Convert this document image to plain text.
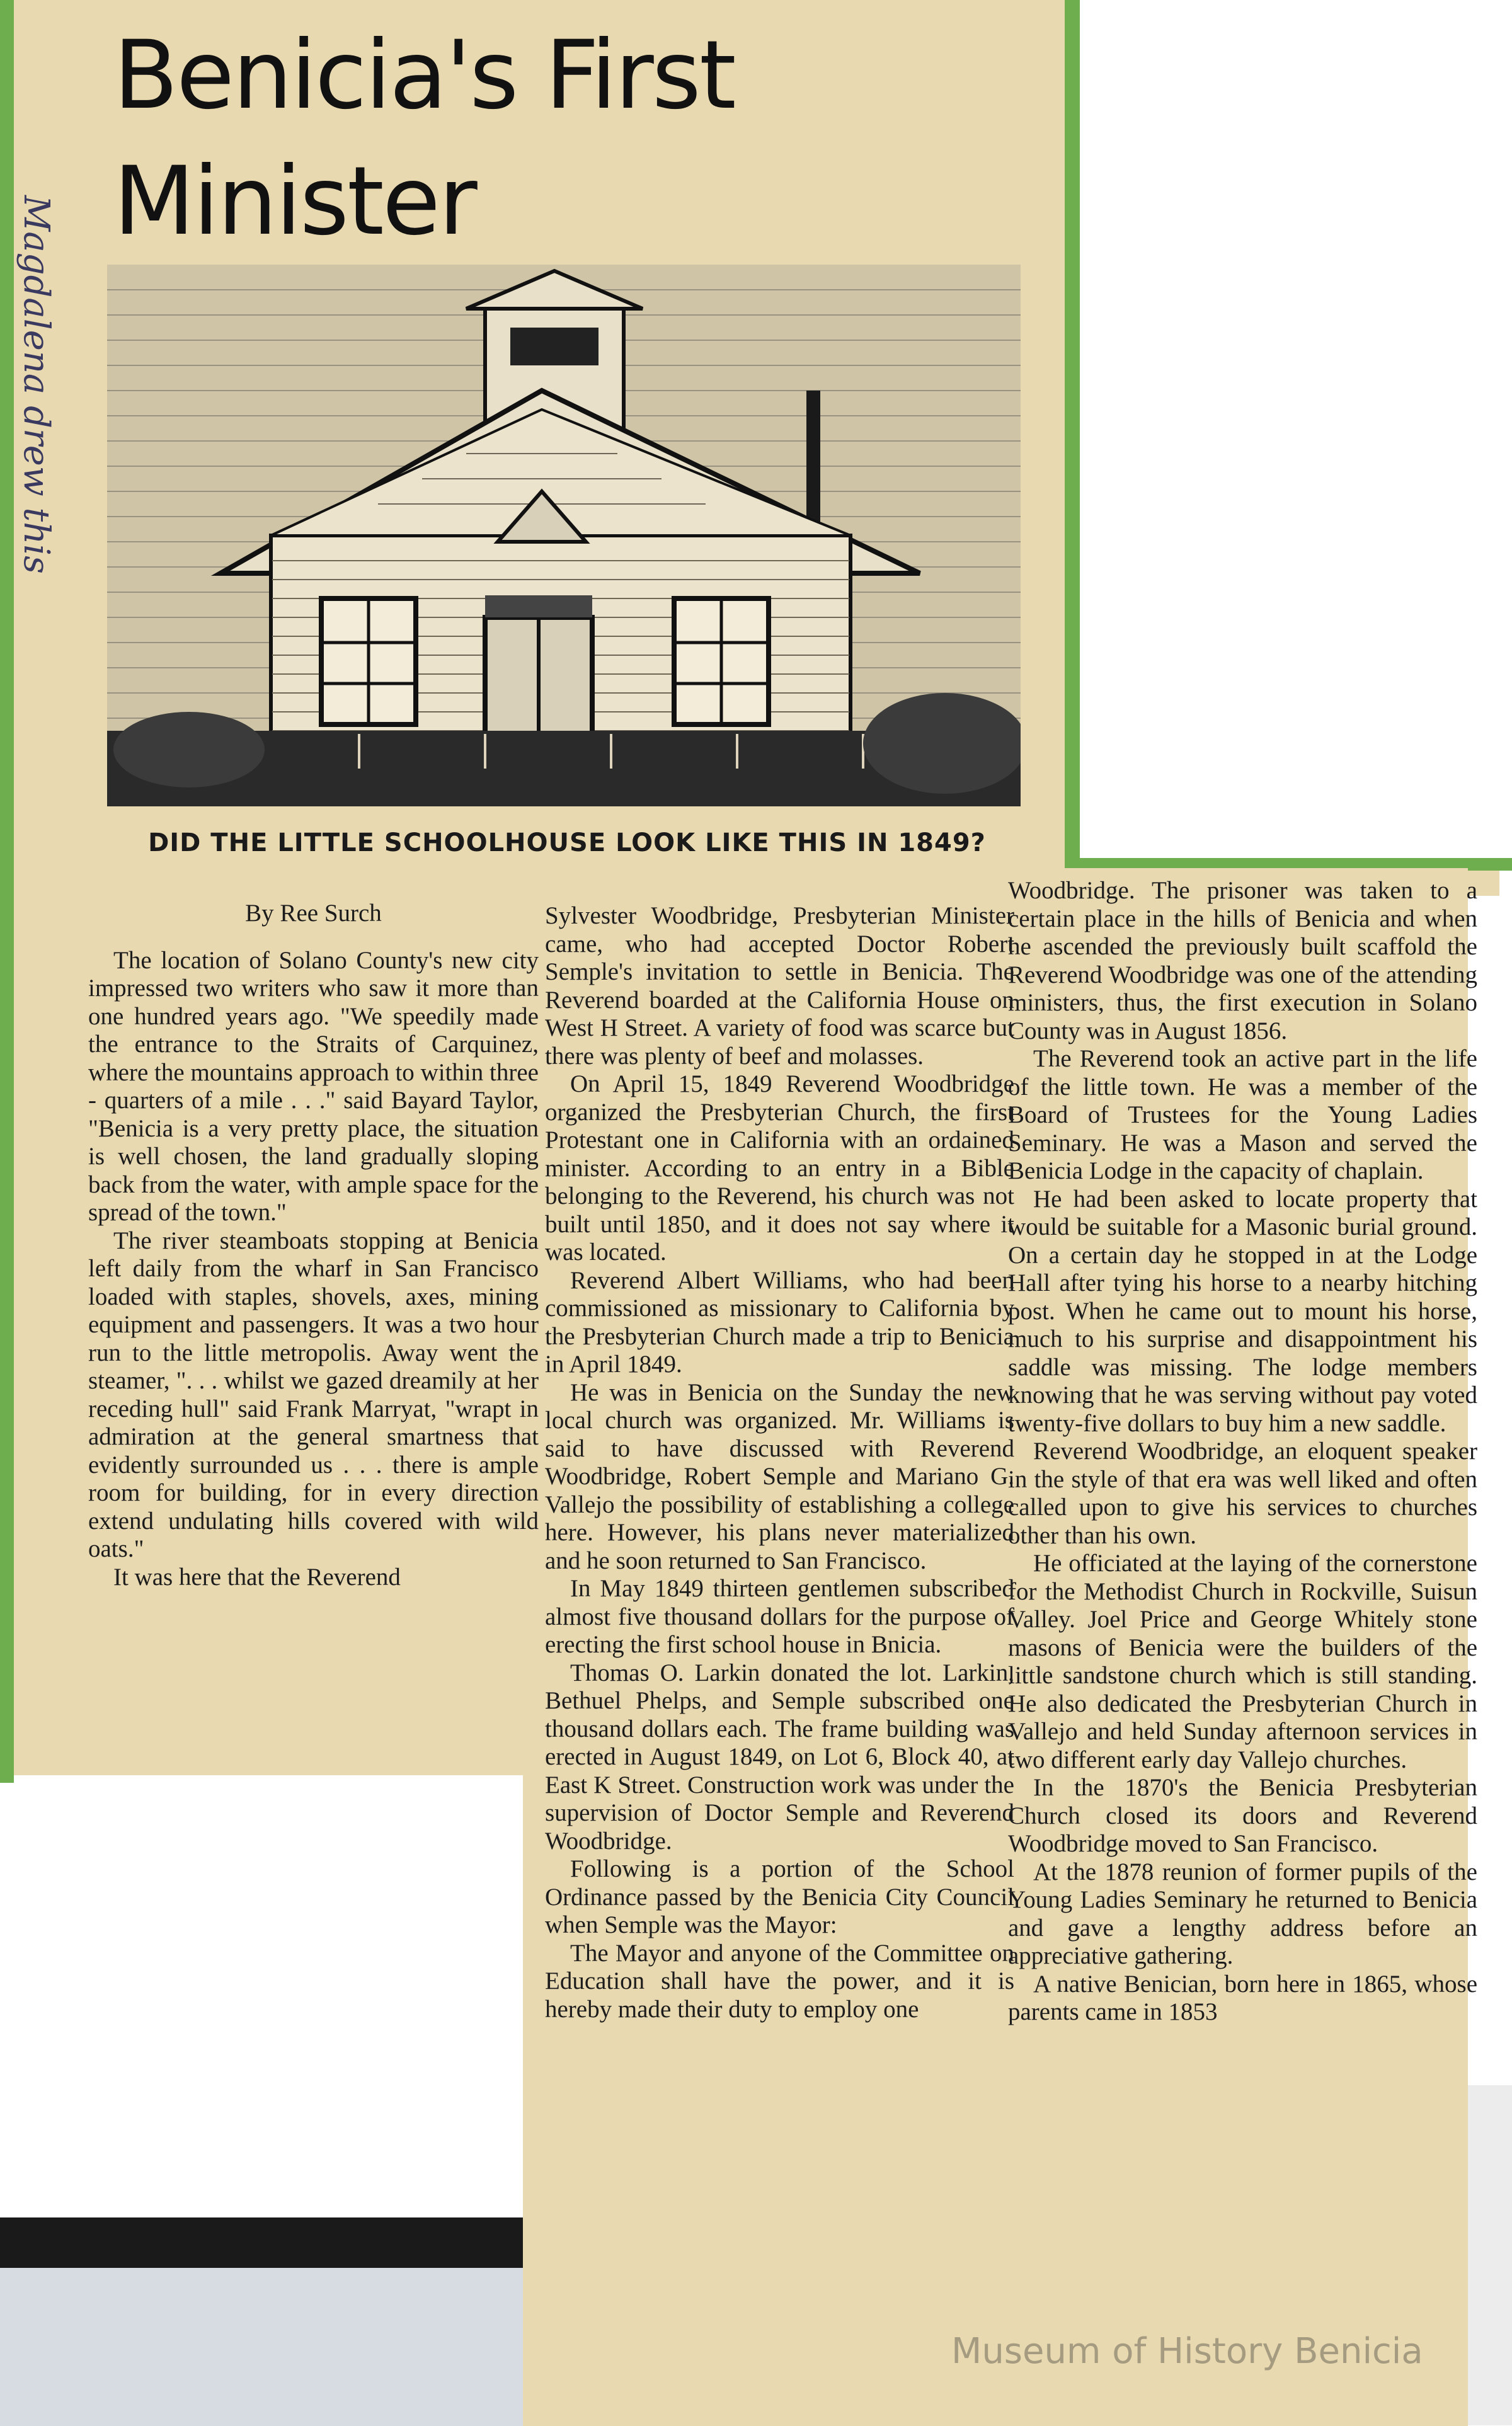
Benicia's First Minister
Magdalena drew this
DID THE LITTLE SCHOOLHOUSE LOOK LIKE THIS IN 1849?

By Ree Surch

The location of Solano County's new city impressed two writers who saw it more than one hundred years ago. "We speedily made the entrance to the Straits of Carquinez, where the mountains approach to within three - quarters of a mile . . ." said Bayard Taylor, "Benicia is a very pretty place, the situation is well chosen, the land gradually sloping back from the water, with ample space for the spread of the town."

The river steamboats stopping at Benicia left daily from the wharf in San Francisco loaded with staples, shovels, axes, mining equipment and passengers. It was a two hour run to the little metropolis. Away went the steamer, ". . . whilst we gazed dreamily at her receding hull" said Frank Marryat, "wrapt in admiration at the general smartness that evidently surrounded us . . . there is ample room for building, for in every direction extend undulating hills covered with wild oats."

It was here that the Reverend

Sylvester Woodbridge, Presbyterian Minister came, who had accepted Doctor Robert Semple's invitation to settle in Benicia. The Reverend boarded at the California House on West H Street. A variety of food was scarce but there was plenty of beef and molasses.

On April 15, 1849 Reverend Woodbridge organized the Presbyterian Church, the first Protestant one in California with an ordained minister. According to an entry in a Bible belonging to the Reverend, his church was not built until 1850, and it does not say where it was located.

Reverend Albert Williams, who had been commissioned as missionary to California by the Presbyterian Church made a trip to Benicia in April 1849.

He was in Benicia on the Sunday the new local church was organized. Mr. Williams is said to have discussed with Reverend Woodbridge, Robert Semple and Mariano G. Vallejo the possibility of establishing a college here. However, his plans never materialized and he soon returned to San Francisco.

In May 1849 thirteen gentlemen subscribed almost five thousand dollars for the purpose of erecting the first school house in Bnicia.

Thomas O. Larkin donated the lot. Larkin, Bethuel Phelps, and Semple subscribed one thousand dollars each. The frame building was erected in August 1849, on Lot 6, Block 40, at East K Street. Construction work was under the supervision of Doctor Semple and Reverend Woodbridge.

Following is a portion of the School Ordinance passed by the Benicia City Council when Semple was the Mayor:

The Mayor and anyone of the Committee on Education shall have the power, and it is hereby made their duty to employ one

Woodbridge. The prisoner was taken to a certain place in the hills of Benicia and when he ascended the previously built scaffold the Reverend Woodbridge was one of the attending ministers, thus, the first execution in Solano County was in August 1856.

The Reverend took an active part in the life of the little town. He was a member of the Board of Trustees for the Young Ladies Seminary. He was a Mason and served the Benicia Lodge in the capacity of chaplain.

He had been asked to locate property that would be suitable for a Masonic burial ground. On a certain day he stopped in at the Lodge Hall after tying his horse to a nearby hitching post. When he came out to mount his horse, much to his surprise and disappointment his saddle was missing. The lodge members knowing that he was serving without pay voted twenty-five dollars to buy him a new saddle.

Reverend Woodbridge, an eloquent speaker in the style of that era was well liked and often called upon to give his services to churches other than his own.

He officiated at the laying of the cornerstone for the Methodist Church in Rockville, Suisun Valley. Joel Price and George Whitely stone masons of Benicia were the builders of the little sandstone church which is still standing. He also dedicated the Presbyterian Church in Vallejo and held Sunday afternoon services in two different early day Vallejo churches.

In the 1870's the Benicia Presbyterian Church closed its doors and Reverend Woodbridge moved to San Francisco.

At the 1878 reunion of former pupils of the Young Ladies Seminary he returned to Benicia and gave a lengthy address before an appreciative gathering.

A native Benician, born here in 1865, whose parents came in 1853

Museum of History Benicia
